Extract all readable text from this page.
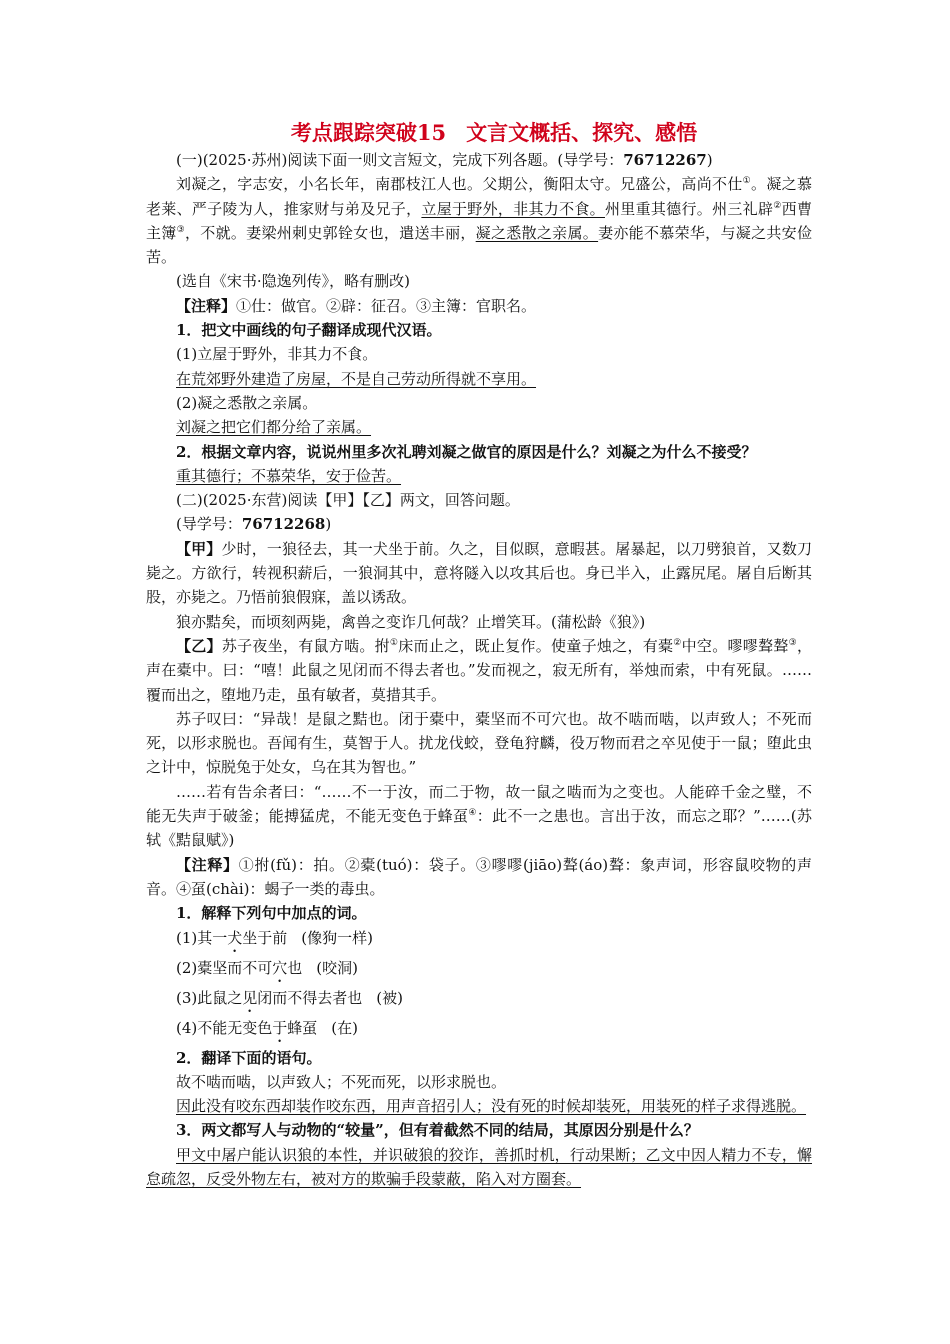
考点跟踪突破15 文言文概括、探究、感悟

(一)(2025·苏州)阅读下面一则文言短文，完成下列各题。(导学号：76712267)

刘凝之，字志安，小名长年，南郡枝江人也。父期公，衡阳太守。兄盛公，高尚不仕①。凝之慕老莱、严子陵为人，推家财与弟及兄子，立屋于野外，非其力不食。州里重其德行。州三礼辟②西曹主簿③，不就。妻梁州刺史郭铨女也，遣送丰丽，凝之悉散之亲属。妻亦能不慕荣华，与凝之共安俭苦。

(选自《宋书·隐逸列传》，略有删改)

【注释】①仕：做官。②辟：征召。③主簿：官职名。

1．把文中画线的句子翻译成现代汉语。

(1)立屋于野外，非其力不食。

在荒郊野外建造了房屋，不是自己劳动所得就不享用。

(2)凝之悉散之亲属。

刘凝之把它们都分给了亲属。

2．根据文章内容，说说州里多次礼聘刘凝之做官的原因是什么？刘凝之为什么不接受？

重其德行；不慕荣华，安于俭苦。

(二)(2025·东营)阅读【甲】【乙】两文，回答问题。

(导学号：76712268)

【甲】少时，一狼径去，其一犬坐于前。久之，目似瞑，意暇甚。屠暴起，以刀劈狼首，又数刀毙之。方欲行，转视积薪后，一狼洞其中，意将隧入以攻其后也。身已半入，止露尻尾。屠自后断其股，亦毙之。乃悟前狼假寐，盖以诱敌。

狼亦黠矣，而顷刻两毙，禽兽之变诈几何哉？止增笑耳。(蒲松龄《狼》)

【乙】苏子夜坐，有鼠方啮。拊①床而止之，既止复作。使童子烛之，有橐②中空。嘐嘐聱聱③，声在橐中。曰：“嘻！此鼠之见闭而不得去者也。”发而视之，寂无所有，举烛而索，中有死鼠。……覆而出之，堕地乃走，虽有敏者，莫措其手。

苏子叹曰：“异哉！是鼠之黠也。闭于橐中，橐坚而不可穴也。故不啮而啮，以声致人；不死而死，以形求脱也。吾闻有生，莫智于人。扰龙伐蛟，登龟狩麟，役万物而君之卒见使于一鼠；堕此虫之计中，惊脱兔于处女，乌在其为智也。”

……若有告余者曰：“……不一于汝，而二于物，故一鼠之啮而为之变也。人能碎千金之璧，不能无失声于破釜；能搏猛虎，不能无变色于蜂虿④：此不一之患也。言出于汝，而忘之耶？”……(苏轼《黠鼠赋》)

【注释】①拊(fǔ)：拍。②橐(tuó)：袋子。③嘐嘐(jiāo)聱(áo)聱：象声词，形容鼠咬物的声音。④虿(chài)：蝎子一类的毒虫。

1．解释下列句中加点的词。

(1)其一犬坐于前 (像狗一样)

(2)橐坚而不可穴也 (咬洞)

(3)此鼠之见闭而不得去者也 (被)

(4)不能无变色于蜂虿 (在)

2．翻译下面的语句。

故不啮而啮，以声致人；不死而死，以形求脱也。

因此没有咬东西却装作咬东西，用声音招引人；没有死的时候却装死，用装死的样子求得逃脱。

3．两文都写人与动物的“较量”，但有着截然不同的结局，其原因分别是什么？

甲文中屠户能认识狼的本性，并识破狼的狡诈，善抓时机，行动果断；乙文中因人精力不专，懈怠疏忽，反受外物左右，被对方的欺骗手段蒙蔽，陷入对方圈套。
